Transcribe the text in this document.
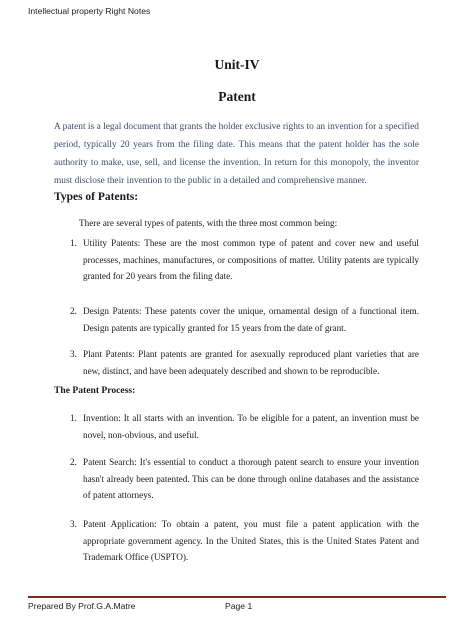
Intellectual property Right Notes
Unit-IV
Patent
A patent is a legal document that grants the holder exclusive rights to an invention for a specified period, typically 20 years from the filing date. This means that the patent holder has the sole authority to make, use, sell, and license the invention. In return for this monopoly, the inventor must disclose their invention to the public in a detailed and comprehensive manner.
Types of Patents:
There are several types of patents, with the three most common being:
1. Utility Patents: These are the most common type of patent and cover new and useful processes, machines, manufactures, or compositions of matter. Utility patents are typically granted for 20 years from the filing date.
2. Design Patents: These patents cover the unique, ornamental design of a functional item. Design patents are typically granted for 15 years from the date of grant.
3. Plant Patents: Plant patents are granted for asexually reproduced plant varieties that are new, distinct, and have been adequately described and shown to be reproducible.
The Patent Process:
1. Invention: It all starts with an invention. To be eligible for a patent, an invention must be novel, non-obvious, and useful.
2. Patent Search: It's essential to conduct a thorough patent search to ensure your invention hasn't already been patented. This can be done through online databases and the assistance of patent attorneys.
3. Patent Application: To obtain a patent, you must file a patent application with the appropriate government agency. In the United States, this is the United States Patent and Trademark Office (USPTO).
Prepared By Prof.G.A.Matre	Page 1
